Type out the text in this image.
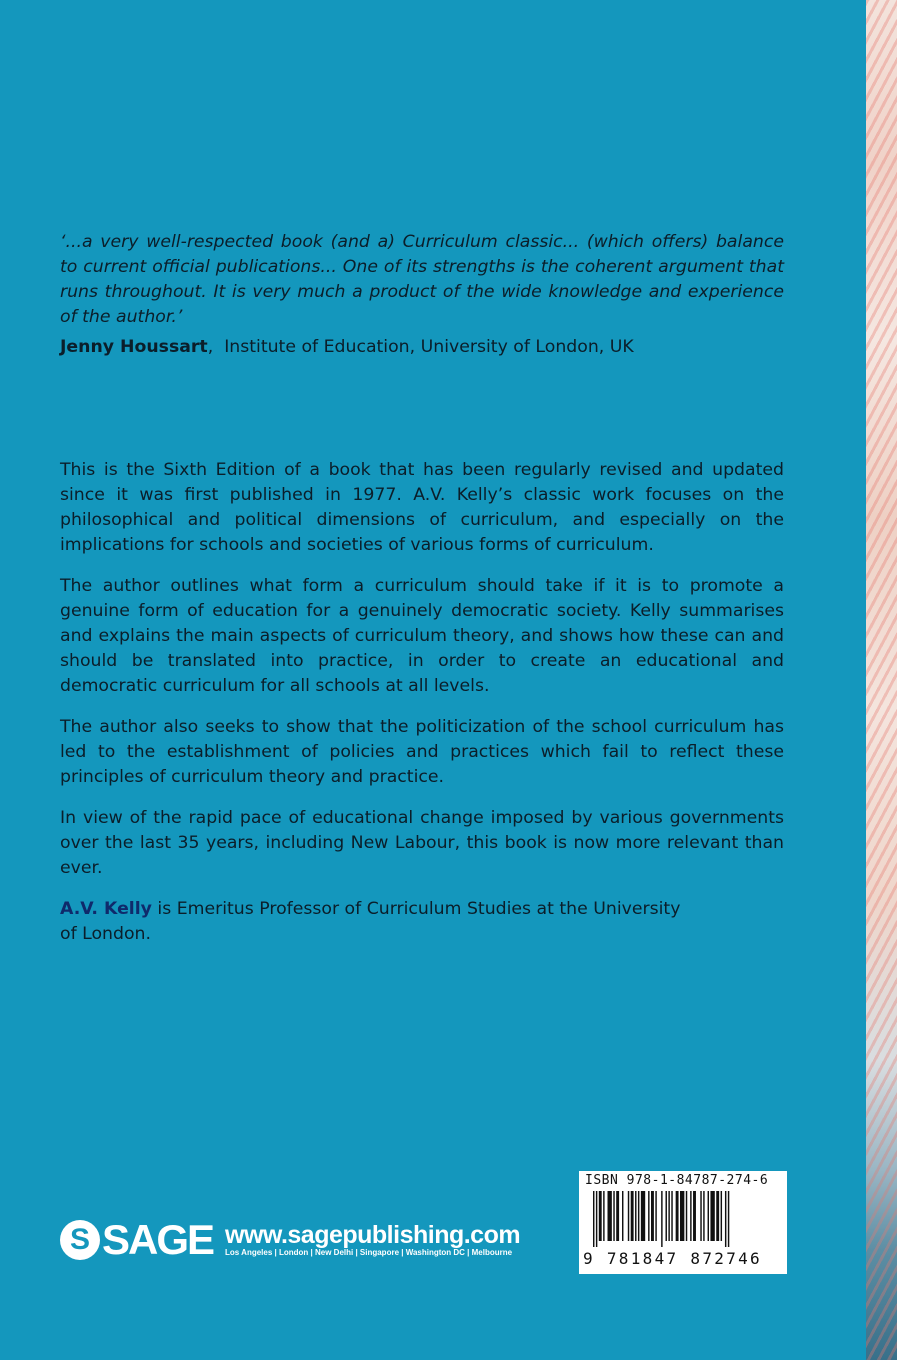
‘...a very well-respected book (and a) Curriculum classic... (which offers) balance to current official publications... One of its strengths is the coherent argument that runs throughout. It is very much a product of the wide knowledge and experience of the author.’

Jenny Houssart,  Institute of Education, University of London, UK

This is the Sixth Edition of a book that has been regularly revised and updated since it was first published in 1977. A.V. Kelly’s classic work focuses on the philosophical and political dimensions of curriculum, and especially on the implications for schools and societies of various forms of curriculum.

The author outlines what form a curriculum should take if it is to promote a genuine form of education for a genuinely democratic society. Kelly summarises and explains the main aspects of curriculum theory, and shows how these can and should be translated into practice, in order to create an educational and democratic curriculum for all schools at all levels.

The author also seeks to show that the politicization of the school curriculum has led to the establishment of policies and practices which fail to reflect these principles of curriculum theory and practice.

In view of the rapid pace of educational change imposed by various governments over the last 35 years, including New Labour, this book is now more relevant than ever.

A.V. Kelly is Emeritus Professor of Curriculum Studies at the University of London.

S SAGE www.sagepublishing.com
Los Angeles | London | New Delhi | Singapore | Washington DC | Melbourne
ISBN 978-1-84787-274-6
9 781847 872746
